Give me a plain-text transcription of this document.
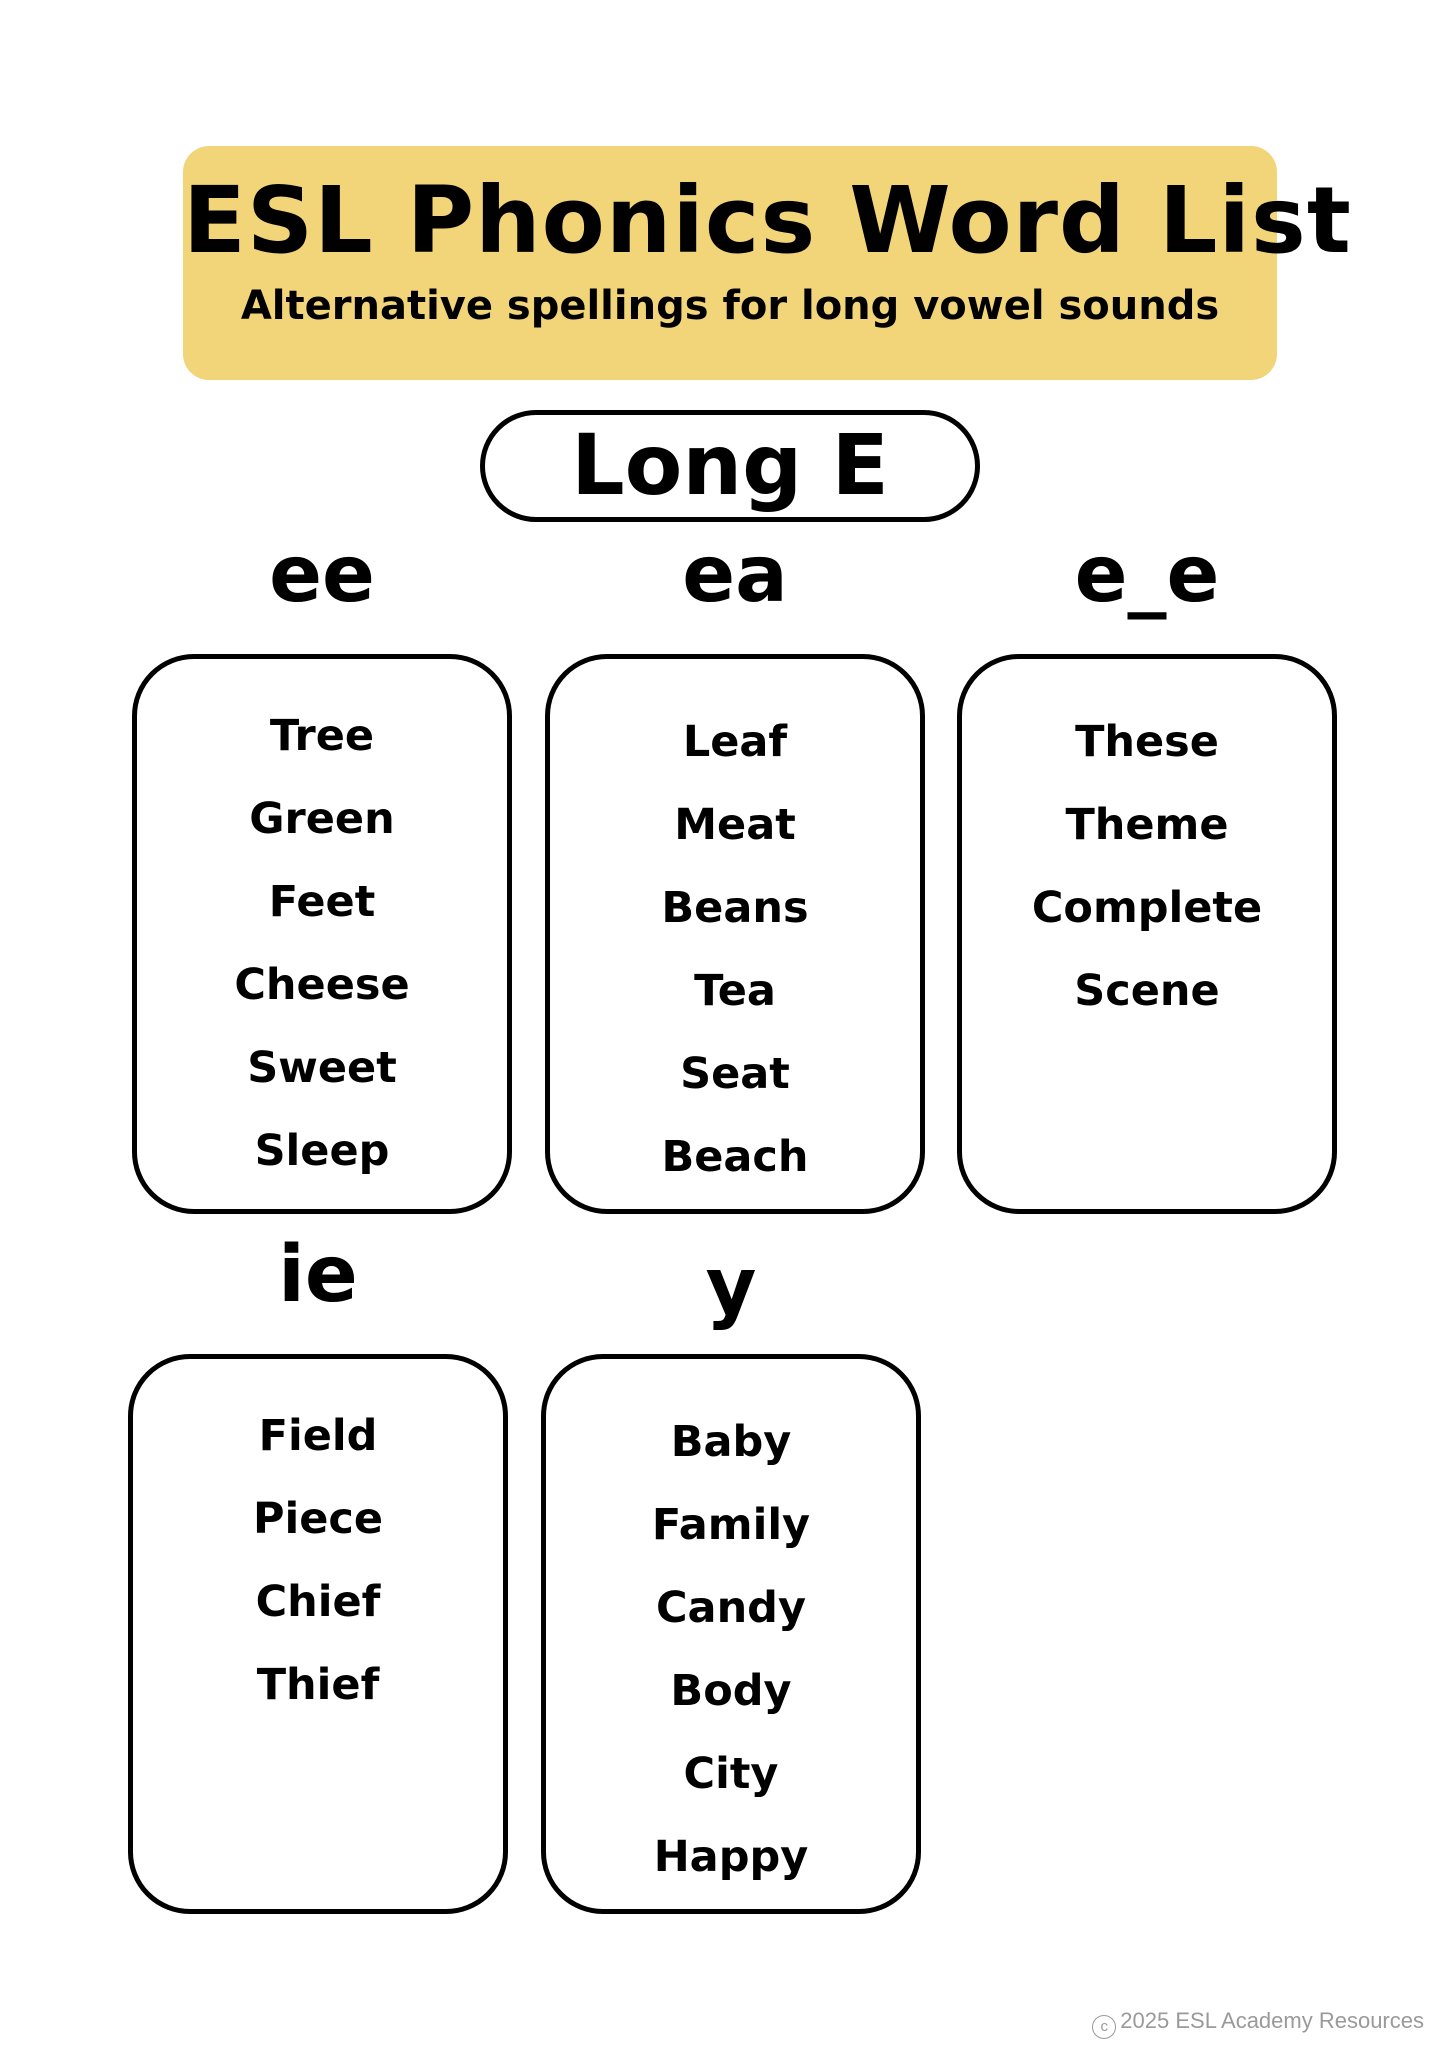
ESL Phonics Word List
Alternative spellings for long vowel sounds
Long E
ee
Tree
Green
Feet
Cheese
Sweet
Sleep
ea
Leaf
Meat
Beans
Tea
Seat
Beach
e_e
These
Theme
Complete
Scene
ie
Field
Piece
Chief
Thief
y
Baby
Family
Candy
Body
City
Happy
c 2025 ESL Academy Resources
